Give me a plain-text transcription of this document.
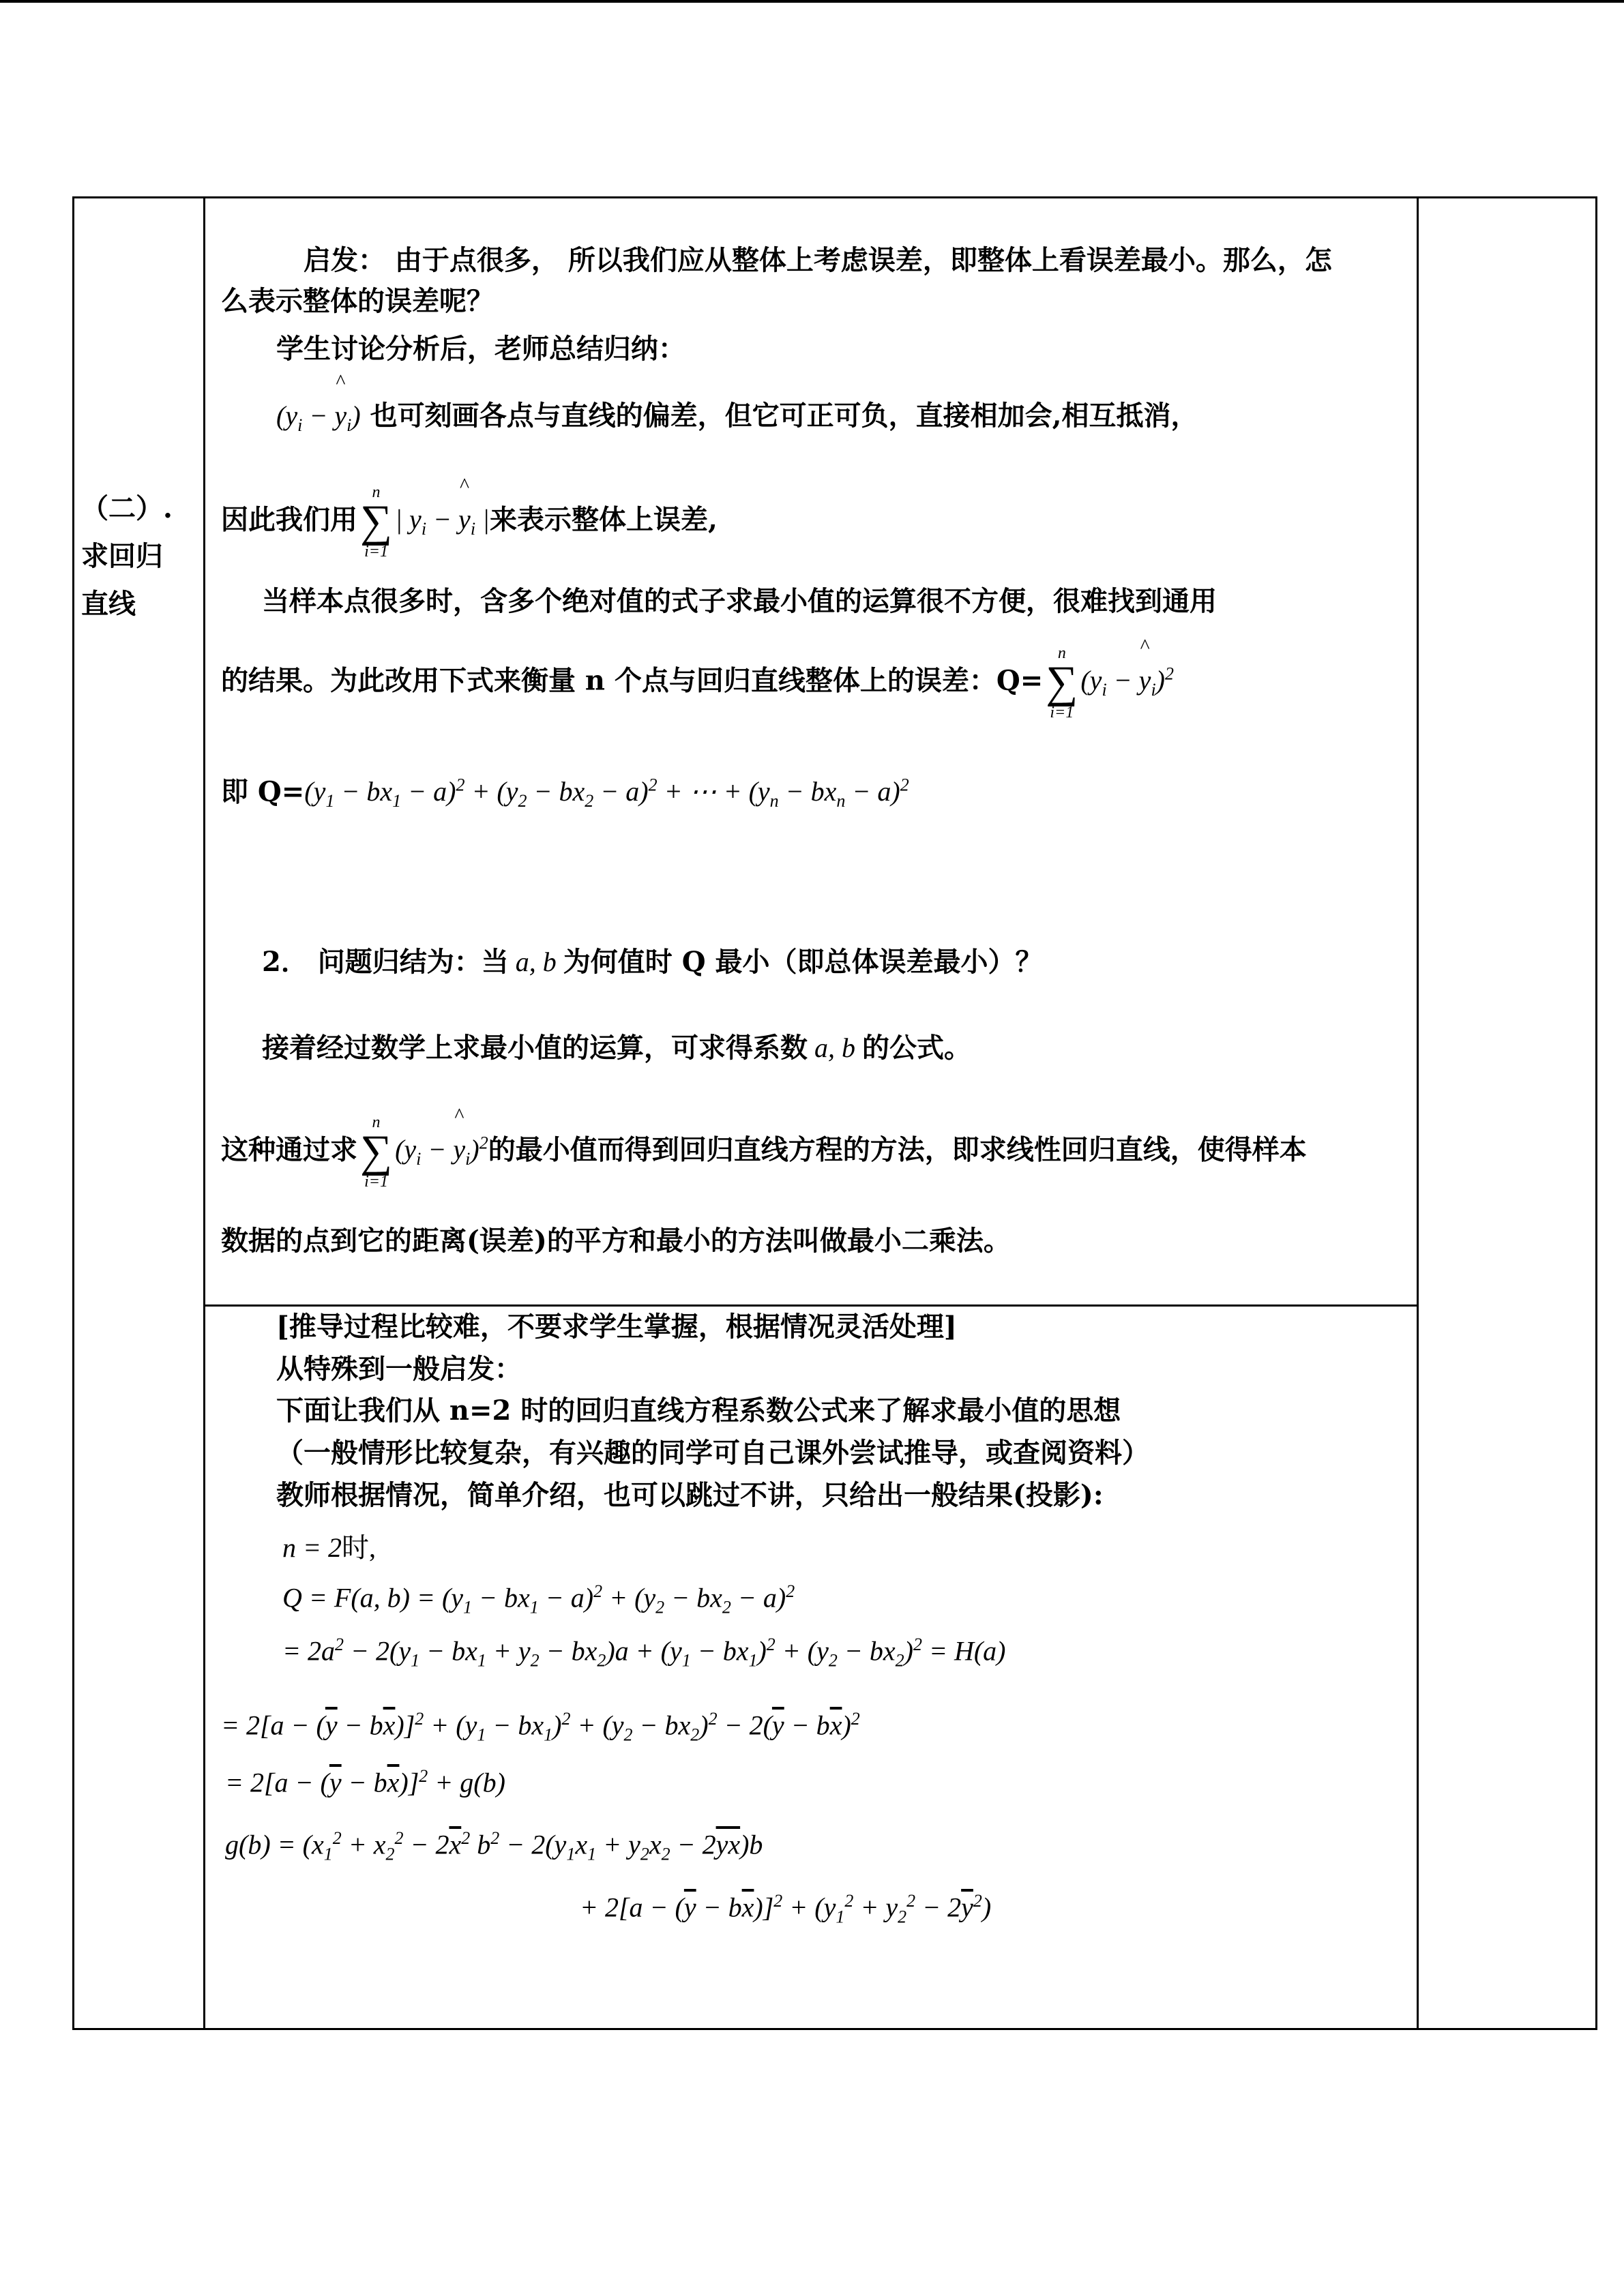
（二）.
求回归
直线
启发： 由于点很多， 所以我们应从整体上考虑误差，即整体上看误差最小。那么，怎
么表示整体的误差呢？
学生讨论分析后，老师总结归纳：
($y_i$ − ^ $y_i$) 也可刻画各点与直线的偏差，但它可正可负，直接相加会,相互抵消，
因此我们用
n
∑
i=1
| $y_i$ − ^ $y_i$ |来表示整体上误差,
当样本点很多时，含多个绝对值的式子求最小值的运算很不方便，很难找到通用
的结果。为此改用下式来衡量 n 个点与回归直线整体上的误差：Q=
n
∑
i=1
($y_i$ − ^ $y_i)^2$
即 $Q=(y_1 - bx_1 - a)^2 + (y_2 - bx_2 - a)^2$ + ⋯ + $(y_n - bx_n - a)^2$
2． 问题归结为：当 a, b 为何值时 Q 最小（即总体误差最小）？
接着经过数学上求最小值的运算，可求得系数 a, b 的公式。
这种通过求
n
∑
i=1
($y_i$ − ^ $y_i)^2$的最小值而得到回归直线方程的方法，即求线性回归直线，使得样本
数据的点到它的距离(误差)的平方和最小的方法叫做最小二乘法。
[推导过程比较难，不要求学生掌握，根据情况灵活处理]
从特殊到一般启发：
下面让我们从 n=2 时的回归直线方程系数公式来了解求最小值的思想
（一般情形比较复杂，有兴趣的同学可自己课外尝试推导，或查阅资料）
教师根据情况，简单介绍，也可以跳过不讲，只给出一般结果(投影):
n = 2时,
Q = F(a, $b) = (y_1 - bx_1 - a)^2 + (y_2 - bx_2 - a)^2$
= $2a^2 - 2(y_1 - bx_1 + y_2 - bx_2)a + (y_1 - bx_1)^2 + (y_2 - bx_2)^2 = H(a)$
= $2[a - (\overline{y} - b\overline{x})]^2 + (y_1 - bx_1)^2 + (y_2 - bx_2)^2 - 2(\overline{y} - b\overline{x})^2$
= $2[a - (\overline{y} - b\overline{x})]^2 + g(b)$
$g(b) = (x_1^2 + x_2^2 - 2\overline{x}^2$ $b^2 - 2(y_1x_1 + y_2x_2 - 2\overline{yx})b$
+ $2[a - (\overline{y} - b\overline{x})]^2 + (y_1^2 + y_2^2 - 2\overline{y}^2)$
